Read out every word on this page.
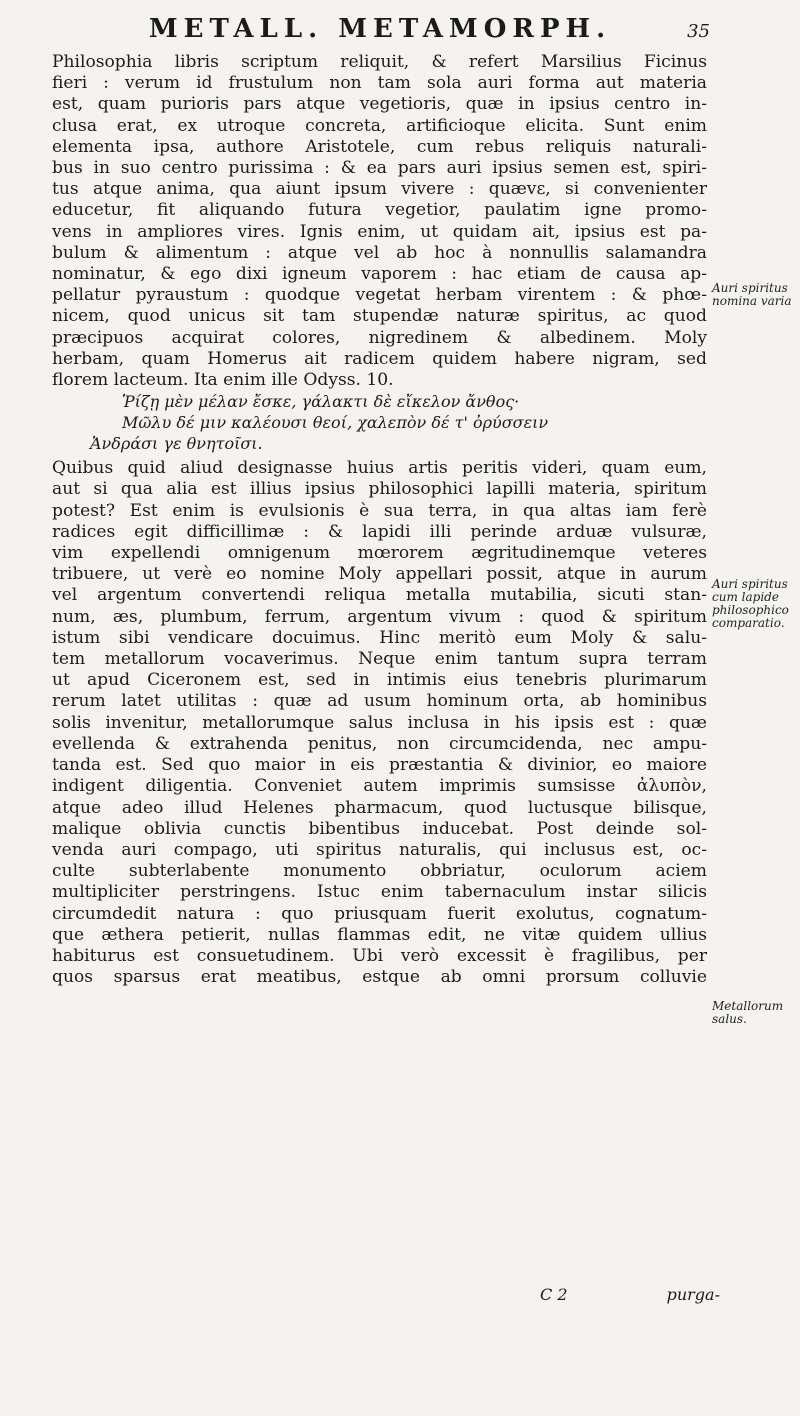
METALL. METAMORPH.	35
Philosophia libris scriptum reliquit, & refert Marsilius Ficinus
fieri : verum id frustulum non tam sola auri forma aut materia
est, quam purioris pars atque vegetioris, quæ in ipsius centro in-
clusa erat, ex utroque concreta, artificioque elicita. Sunt enim
elementa ipsa, authore Aristotele, cum rebus reliquis naturali-
bus in suo centro purissima : & ea pars auri ipsius semen est, spiri-
tus atque anima, qua aiunt ipsum vivere : quævε, si convenienter
educetur, fit aliquando futura vegetior, paulatim igne promo-
vens in ampliores vires. Ignis enim, ut quidam ait, ipsius est pa-
bulum & alimentum : atque vel ab hoc à nonnullis salamandra
nominatur, & ego dixi igneum vaporem : hac etiam de causa ap-
pellatur pyraustum : quodque vegetat herbam virentem : & phœ-
nicem, quod unicus sit tam stupendæ naturæ spiritus, ac quod
præcipuos acquirat colores, nigredinem & albedinem. Moly
herbam, quam Homerus ait radicem quidem habere nigram, sed
florem lacteum. Ita enim ille Odyss. 10.
Ῥίζῃ μὲν μέλαν ἔσκε, γάλακτι δὲ εἴκελον ἄνθος·
Μῶλυ δέ μιν καλέουσι θεοί, χαλεπὸν δέ τ' ὀρύσσειν
Ἀνδράσι γε θνητοῖσι.
Quibus quid aliud designasse huius artis peritis videri, quam eum,
aut si qua alia est illius ipsius philosophici lapilli materia, spiritum
potest? Est enim is evulsionis è sua terra, in qua altas iam ferè
radices egit difficillimæ : & lapidi illi perinde arduæ vulsuræ,
vim expellendi omnigenum mœrorem ægritudinemque veteres
tribuere, ut verè eo nomine Moly appellari possit, atque in aurum
vel argentum convertendi reliqua metalla mutabilia, sicuti stan-
num, æs, plumbum, ferrum, argentum vivum : quod & spiritum
istum sibi vendicare docuimus. Hinc meritò eum Moly & salu-
tem metallorum vocaverimus. Neque enim tantum supra terram
ut apud Ciceronem est, sed in intimis eius tenebris plurimarum
rerum latet utilitas : quæ ad usum hominum orta, ab hominibus
solis invenitur, metallorumque salus inclusa in his ipsis est : quæ
evellenda & extrahenda penitus, non circumcidenda, nec ampu-
tanda est. Sed quo maior in eis præstantia & divinior, eo maiore
indigent diligentia. Conveniet autem imprimis sumsisse ἀλυπὸν,
atque adeo illud Helenes pharmacum, quod luctusque bilisque,
malique oblivia cunctis bibentibus inducebat. Post deinde sol-
venda auri compago, uti spiritus naturalis, qui inclusus est, oc-
culte subterlabente monumento obbriatur, oculorum aciem
multipliciter perstringens. Istuc enim tabernaculum instar silicis
circumdedit natura : quo priusquam fuerit exolutus, cognatum-
que æthera petierit, nullas flammas edit, ne vitæ quidem ullius
habiturus est consuetudinem. Ubi verò excessit è fragilibus, per
quos sparsus erat meatibus, estque ab omni prorsum colluvie
Auri spiritus nomina varia
Auri spiritus cum lapide philosophico comparatio.
Metallorum salus.
C 2	purga-
